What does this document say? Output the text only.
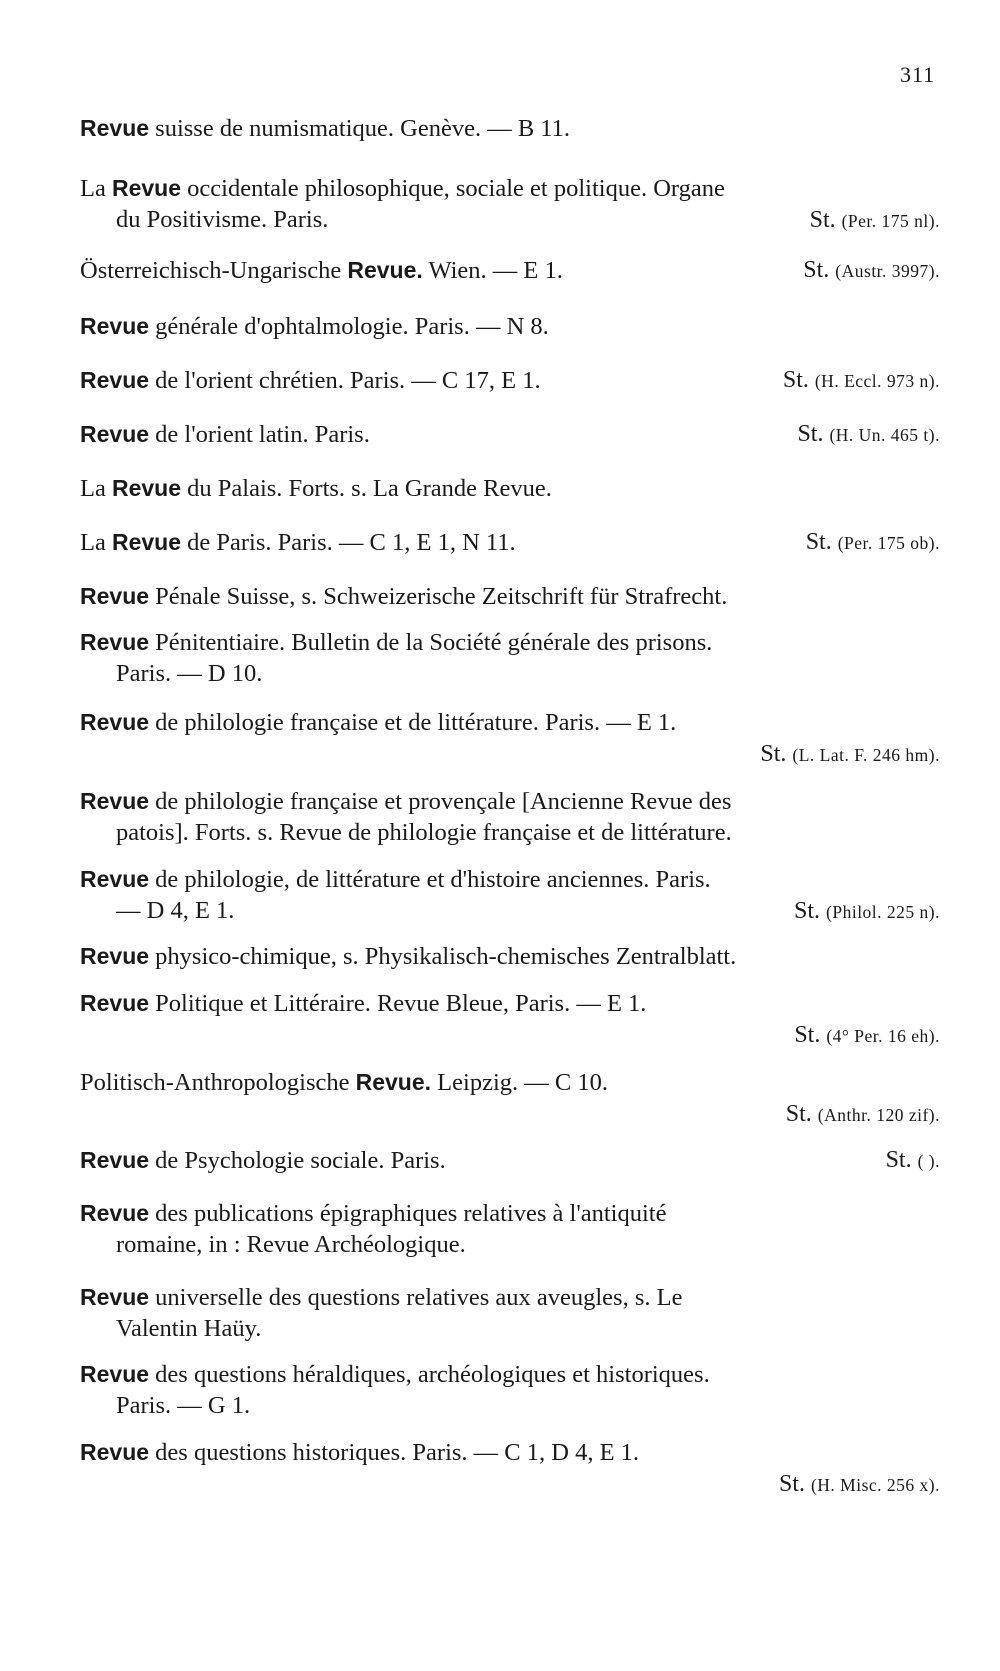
311
Revue suisse de numismatique. Genève. — B 11.
La Revue occidentale philosophique, sociale et politique. Organe
du Positivisme. Paris.	St. (Per. 175 nl).
Österreichisch-Ungarische Revue. Wien. — E 1.	St. (Austr. 3997).
Revue générale d'ophtalmologie. Paris. — N 8.
Revue de l'orient chrétien. Paris. — C 17, E 1.	St. (H. Eccl. 973 n).
Revue de l'orient latin. Paris.	St. (H. Un. 465 t).
La Revue du Palais. Forts. s. La Grande Revue.
La Revue de Paris. Paris. — C 1, E 1, N 11.	St. (Per. 175 ob).
Revue Pénale Suisse, s. Schweizerische Zeitschrift für Strafrecht.
Revue Pénitentiaire. Bulletin de la Société générale des prisons.
Paris. — D 10.
Revue de philologie française et de littérature. Paris. — E 1.
St. (L. Lat. F. 246 hm).
Revue de philologie française et provençale [Ancienne Revue des
patois]. Forts. s. Revue de philologie française et de littérature.
Revue de philologie, de littérature et d'histoire anciennes. Paris.
— D 4, E 1.	St. (Philol. 225 n).
Revue physico-chimique, s. Physikalisch-chemisches Zentralblatt.
Revue Politique et Littéraire. Revue Bleue, Paris. — E 1.
St. (4° Per. 16 eh).
Politisch-Anthropologische Revue. Leipzig. — C 10.
St. (Anthr. 120 zif).
Revue de Psychologie sociale. Paris.	St. ( ).
Revue des publications épigraphiques relatives à l'antiquité
romaine, in : Revue Archéologique.
Revue universelle des questions relatives aux aveugles, s. Le
Valentin Haüy.
Revue des questions héraldiques, archéologiques et historiques.
Paris. — G 1.
Revue des questions historiques. Paris. — C 1, D 4, E 1.
St. (H. Misc. 256 x).
